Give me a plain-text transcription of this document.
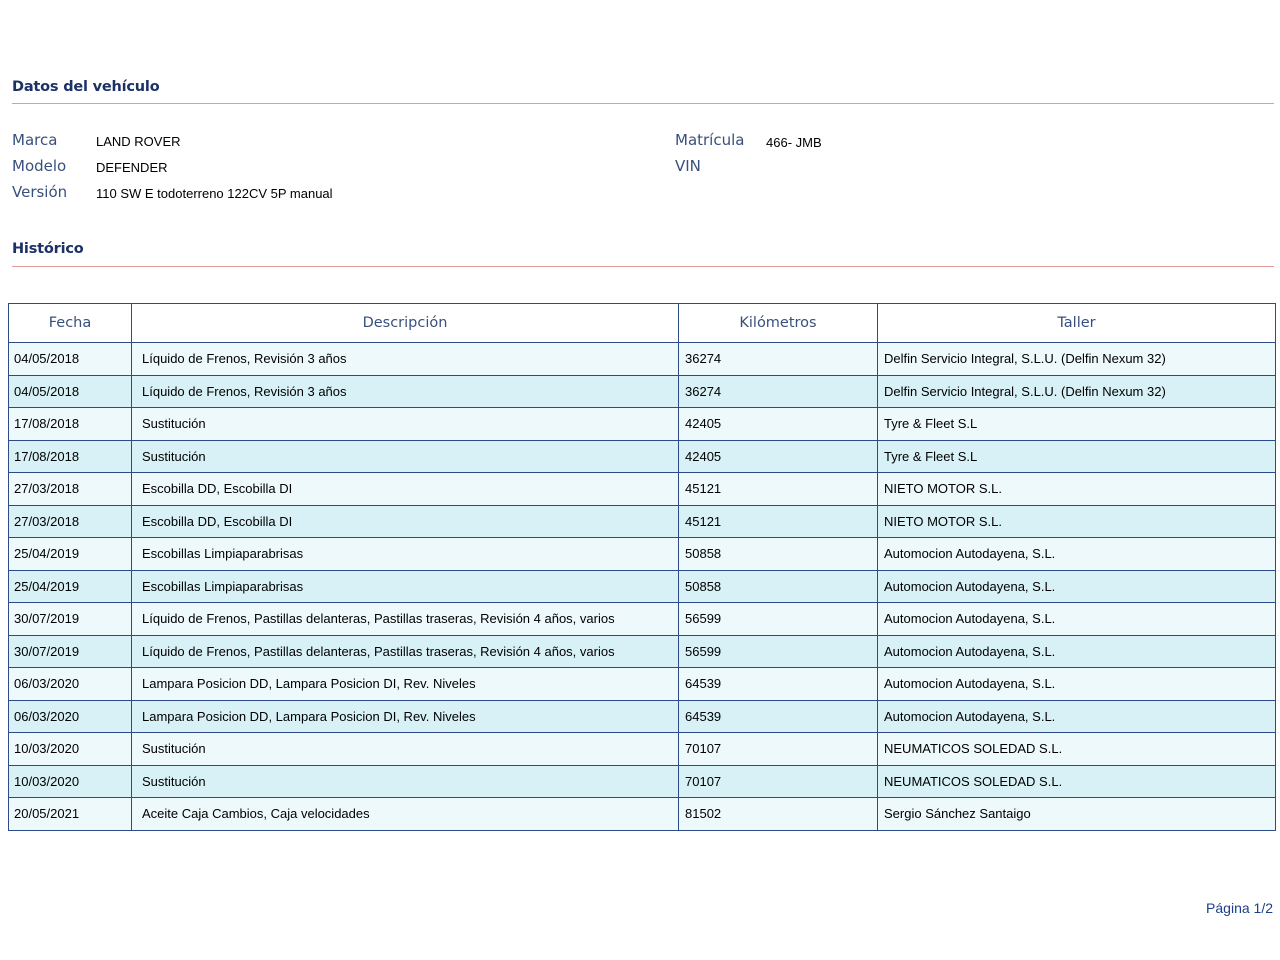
Datos del vehículo
Marca	LAND ROVER
Modelo DEFENDER
Versión 110 SW E todoterreno 122CV 5P manual
Matrícula 466- JMB
VIN
Histórico
Fecha	Descripción	Kilómetros	Taller
04/05/2018	Líquido de Frenos, Revisión 3 años	36274	Delfin Servicio Integral, S.L.U. (Delfin Nexum 32)
04/05/2018	Líquido de Frenos, Revisión 3 años	36274	Delfin Servicio Integral, S.L.U. (Delfin Nexum 32)
17/08/2018	Sustitución	42405	Tyre & Fleet S.L
17/08/2018	Sustitución	42405	Tyre & Fleet S.L
27/03/2018	Escobilla DD, Escobilla DI	45121	NIETO MOTOR S.L.
27/03/2018	Escobilla DD, Escobilla DI	45121	NIETO MOTOR S.L.
25/04/2019	Escobillas Limpiaparabrisas	50858	Automocion Autodayena, S.L.
25/04/2019	Escobillas Limpiaparabrisas	50858	Automocion Autodayena, S.L.
30/07/2019	Líquido de Frenos, Pastillas delanteras, Pastillas traseras, Revisión 4 años, varios	56599	Automocion Autodayena, S.L.
30/07/2019	Líquido de Frenos, Pastillas delanteras, Pastillas traseras, Revisión 4 años, varios	56599	Automocion Autodayena, S.L.
06/03/2020	Lampara Posicion DD, Lampara Posicion DI, Rev. Niveles	64539	Automocion Autodayena, S.L.
06/03/2020	Lampara Posicion DD, Lampara Posicion DI, Rev. Niveles	64539	Automocion Autodayena, S.L.
10/03/2020	Sustitución	70107	NEUMATICOS SOLEDAD S.L.
10/03/2020	Sustitución	70107	NEUMATICOS SOLEDAD S.L.
20/05/2021	Aceite Caja Cambios, Caja velocidades	81502	Sergio Sánchez Santaigo
Página 1/2
